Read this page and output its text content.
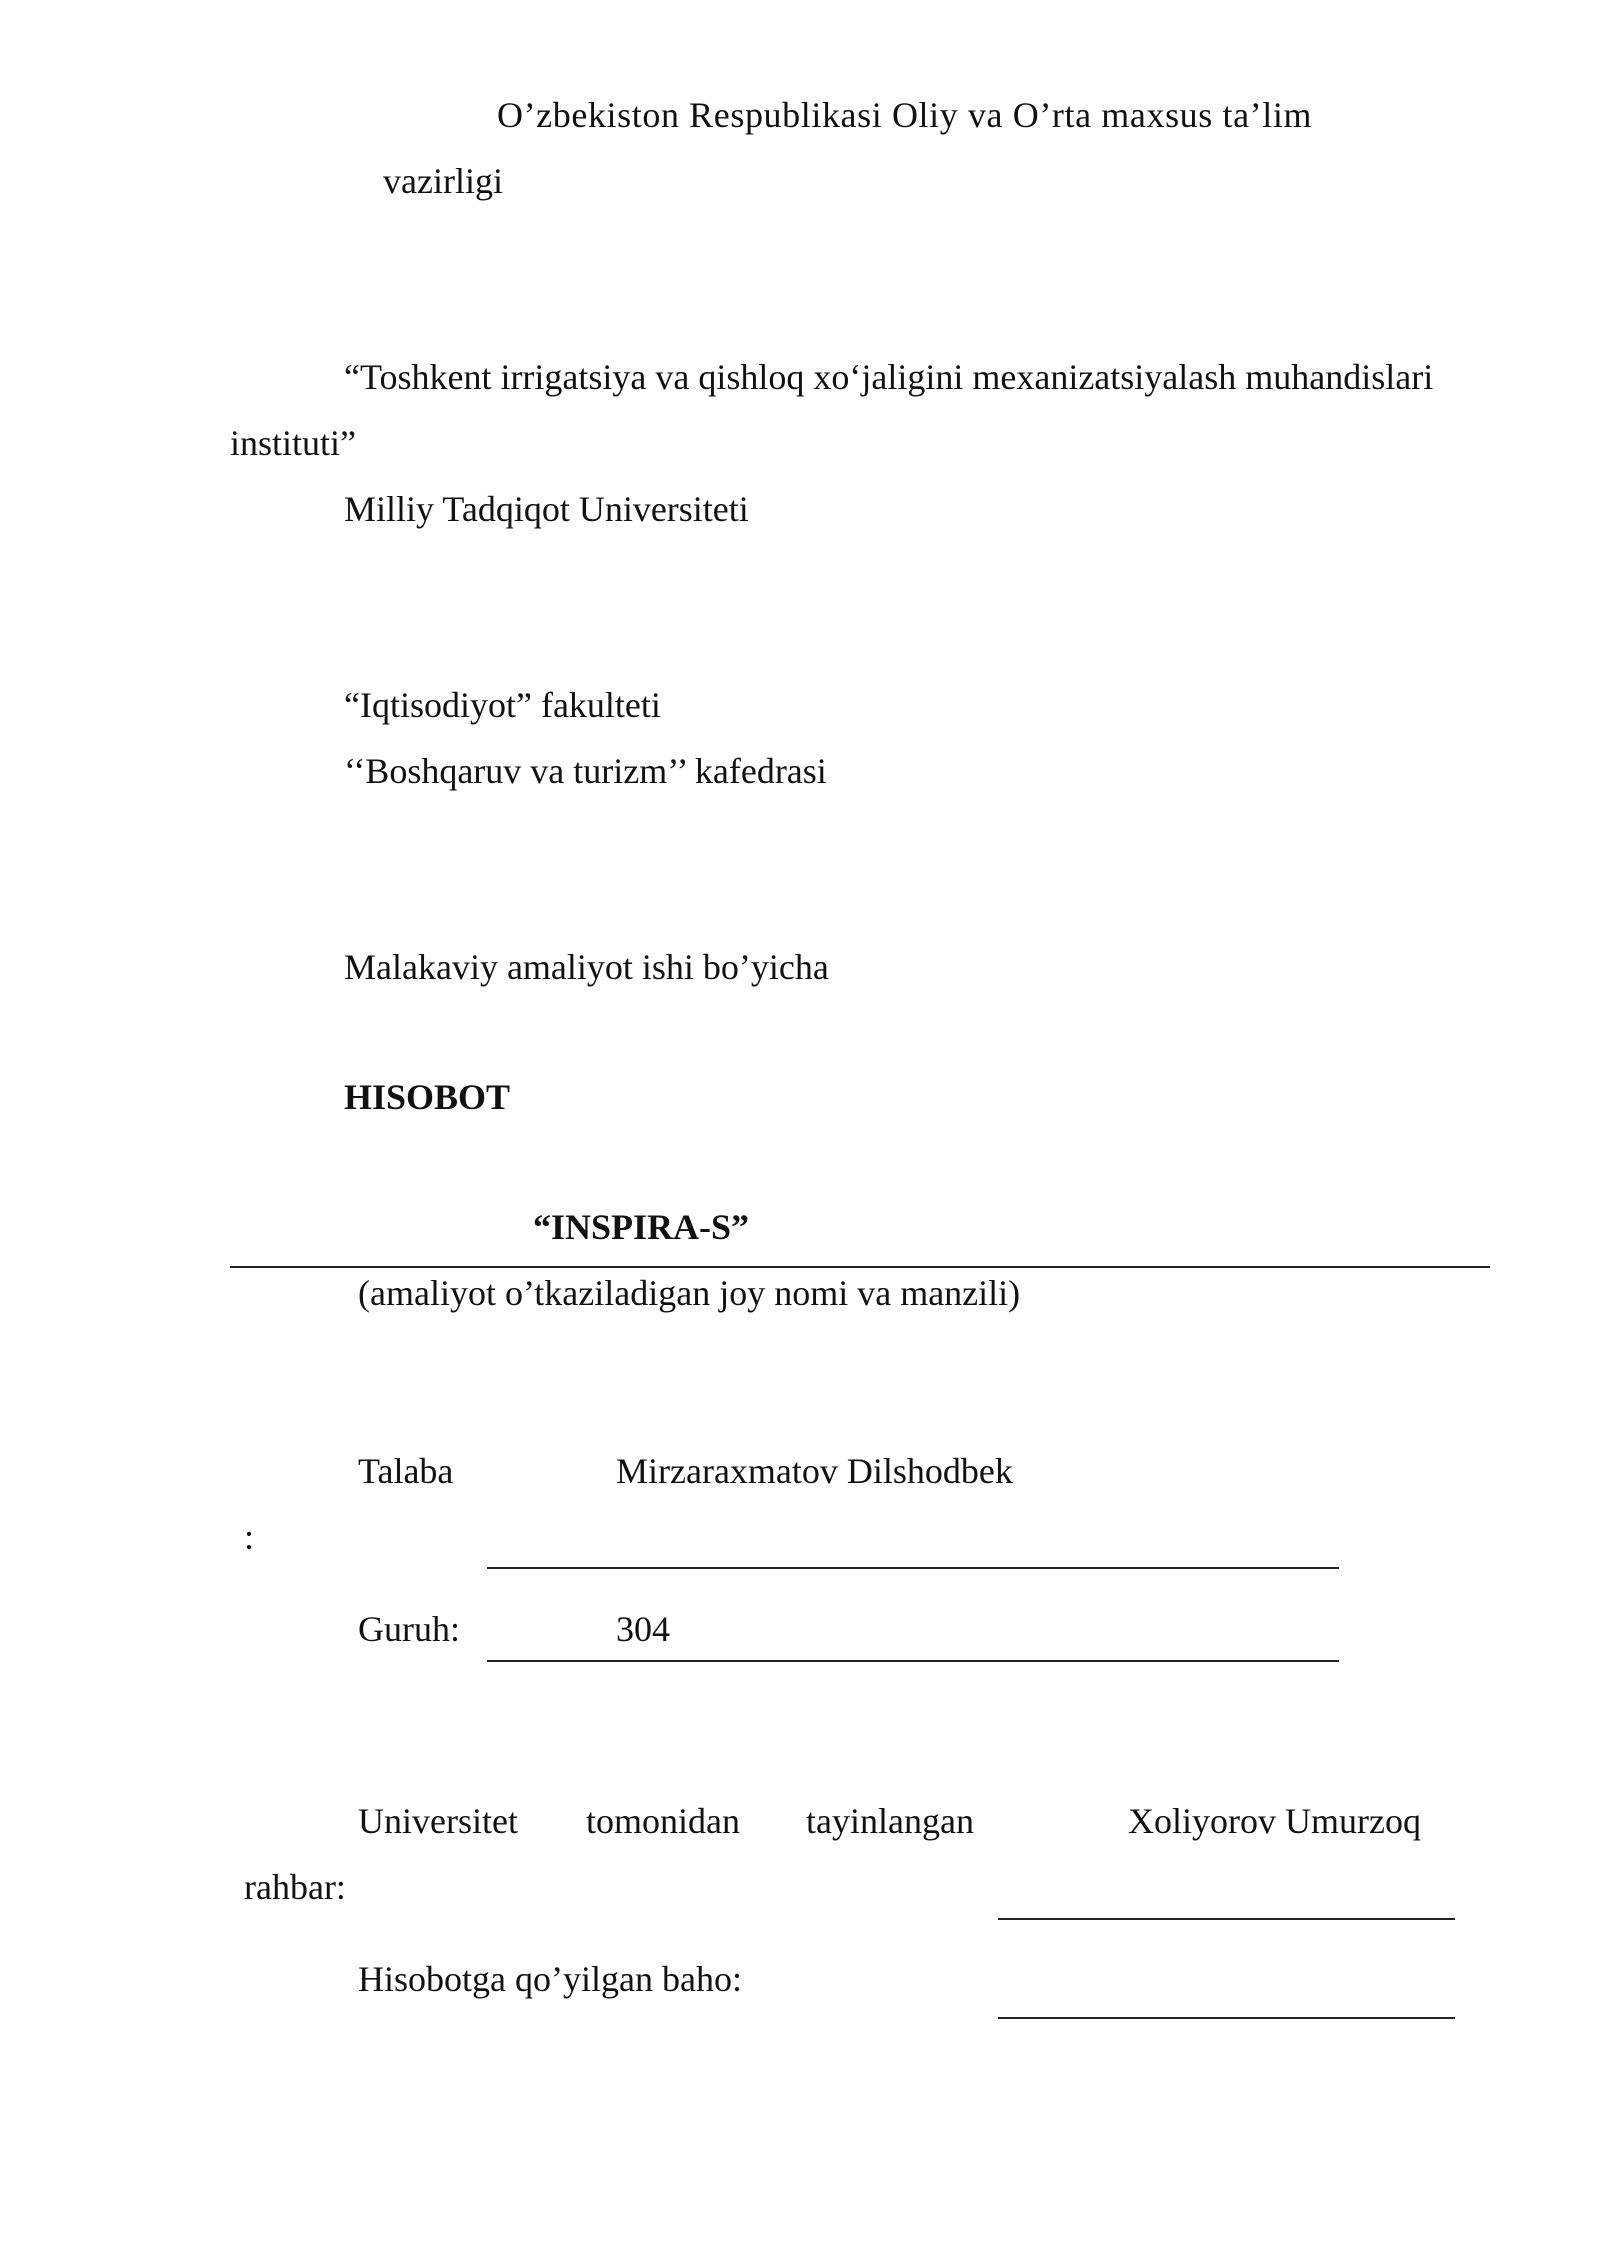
O’zbekiston Respublikasi Oliy va O’rta maxsus ta’lim

vazirligi

“Toshkent irrigatsiya va qishloq xo‘jaligini mexanizatsiyalash muhandislari

instituti”

Milliy Tadqiqot Universiteti

“Iqtisodiyot” fakulteti

‘‘Boshqaruv va turizm’’ kafedrasi

Malakaviy amaliyot ishi bo’yicha

HISOBOT

“INSPIRA-S”

(amaliyot o’tkaziladigan joy nomi va manzili)

Talaba	Mirzaraxmatov Dilshodbek

:

Guruh:	304

Universitet tomonidan tayinlangan	Xoliyorov Umurzoq

rahbar:

Hisobotga qo’yilgan baho:
